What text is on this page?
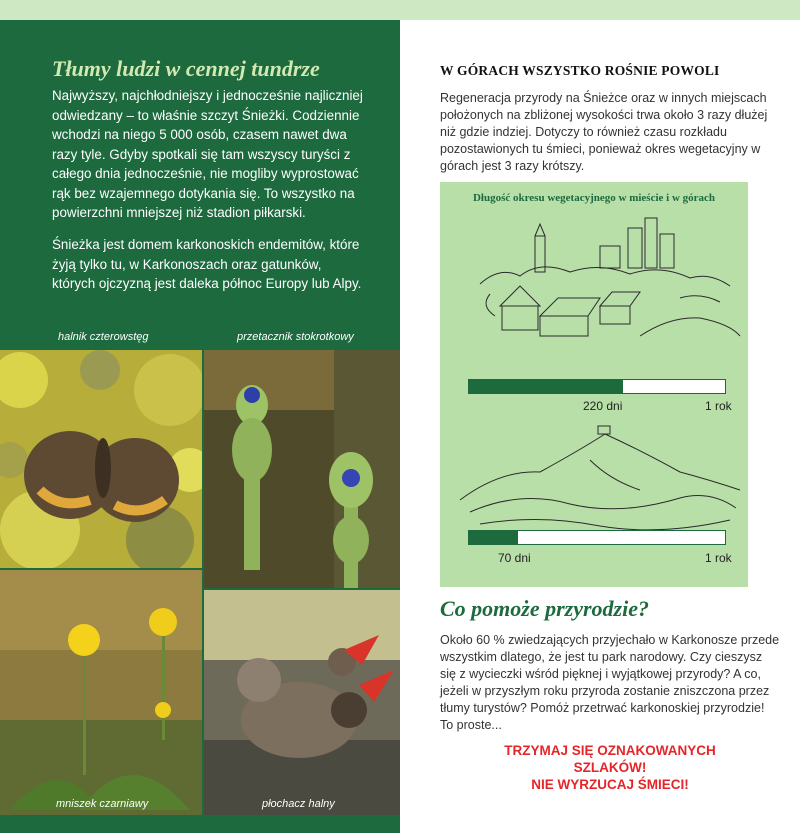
Tłumy ludzi w cennej tundrze

Najwyższy, najchłodniejszy i jednocześnie najliczniej odwiedzany – to właśnie szczyt Śnieżki. Codziennie wchodzi na niego 5 000 osób, czasem nawet dwa razy tyle. Gdyby spotkali się tam wszyscy turyści z całego dnia jednocześnie, nie mogliby wyprostować rąk bez wzajemnego dotykania się. To wszystko na powierzchni mniejszej niż stadion piłkarski.

Śnieżka jest domem karkonoskich endemitów, które żyją tylko tu, w Karkonoszach oraz gatunków, których ojczyzną jest daleka północ Europy lub Alpy.

halnik czterowstęg	przetacznik stokrotkowy

mniszek czarniawy	płochacz halny

W GÓRACH WSZYSTKO ROŚNIE POWOLI

Regeneracja przyrody na Śnieżce oraz w innych miejscach położonych na zbliżonej wysokości trwa około 3 razy dłużej niż gdzie indziej. Dotyczy to również czasu rozkładu pozostawionych tu śmieci, ponieważ okres wegetacyjny w górach jest 3 razy krótszy.

Długość okresu wegetacyjnego w mieście i w górach

220 dni	1 rok

70 dni	1 rok

Co pomoże przyrodzie?

Około 60 % zwiedzających przyjechało w Karkonosze przede wszystkim dlatego, że jest tu park narodowy. Czy cieszysz się z wycieczki wśród pięknej i wyjątkowej przyrody? A co, jeżeli w przyszłym roku przyroda zostanie zniszczona przez tłumy turystów? Pomóż przetrwać karkonoskiej przyrodzie! To proste...

TRZYMAJ SIĘ OZNAKOWANYCH
SZLAKÓW!
NIE WYRZUCAJ ŚMIECI!
